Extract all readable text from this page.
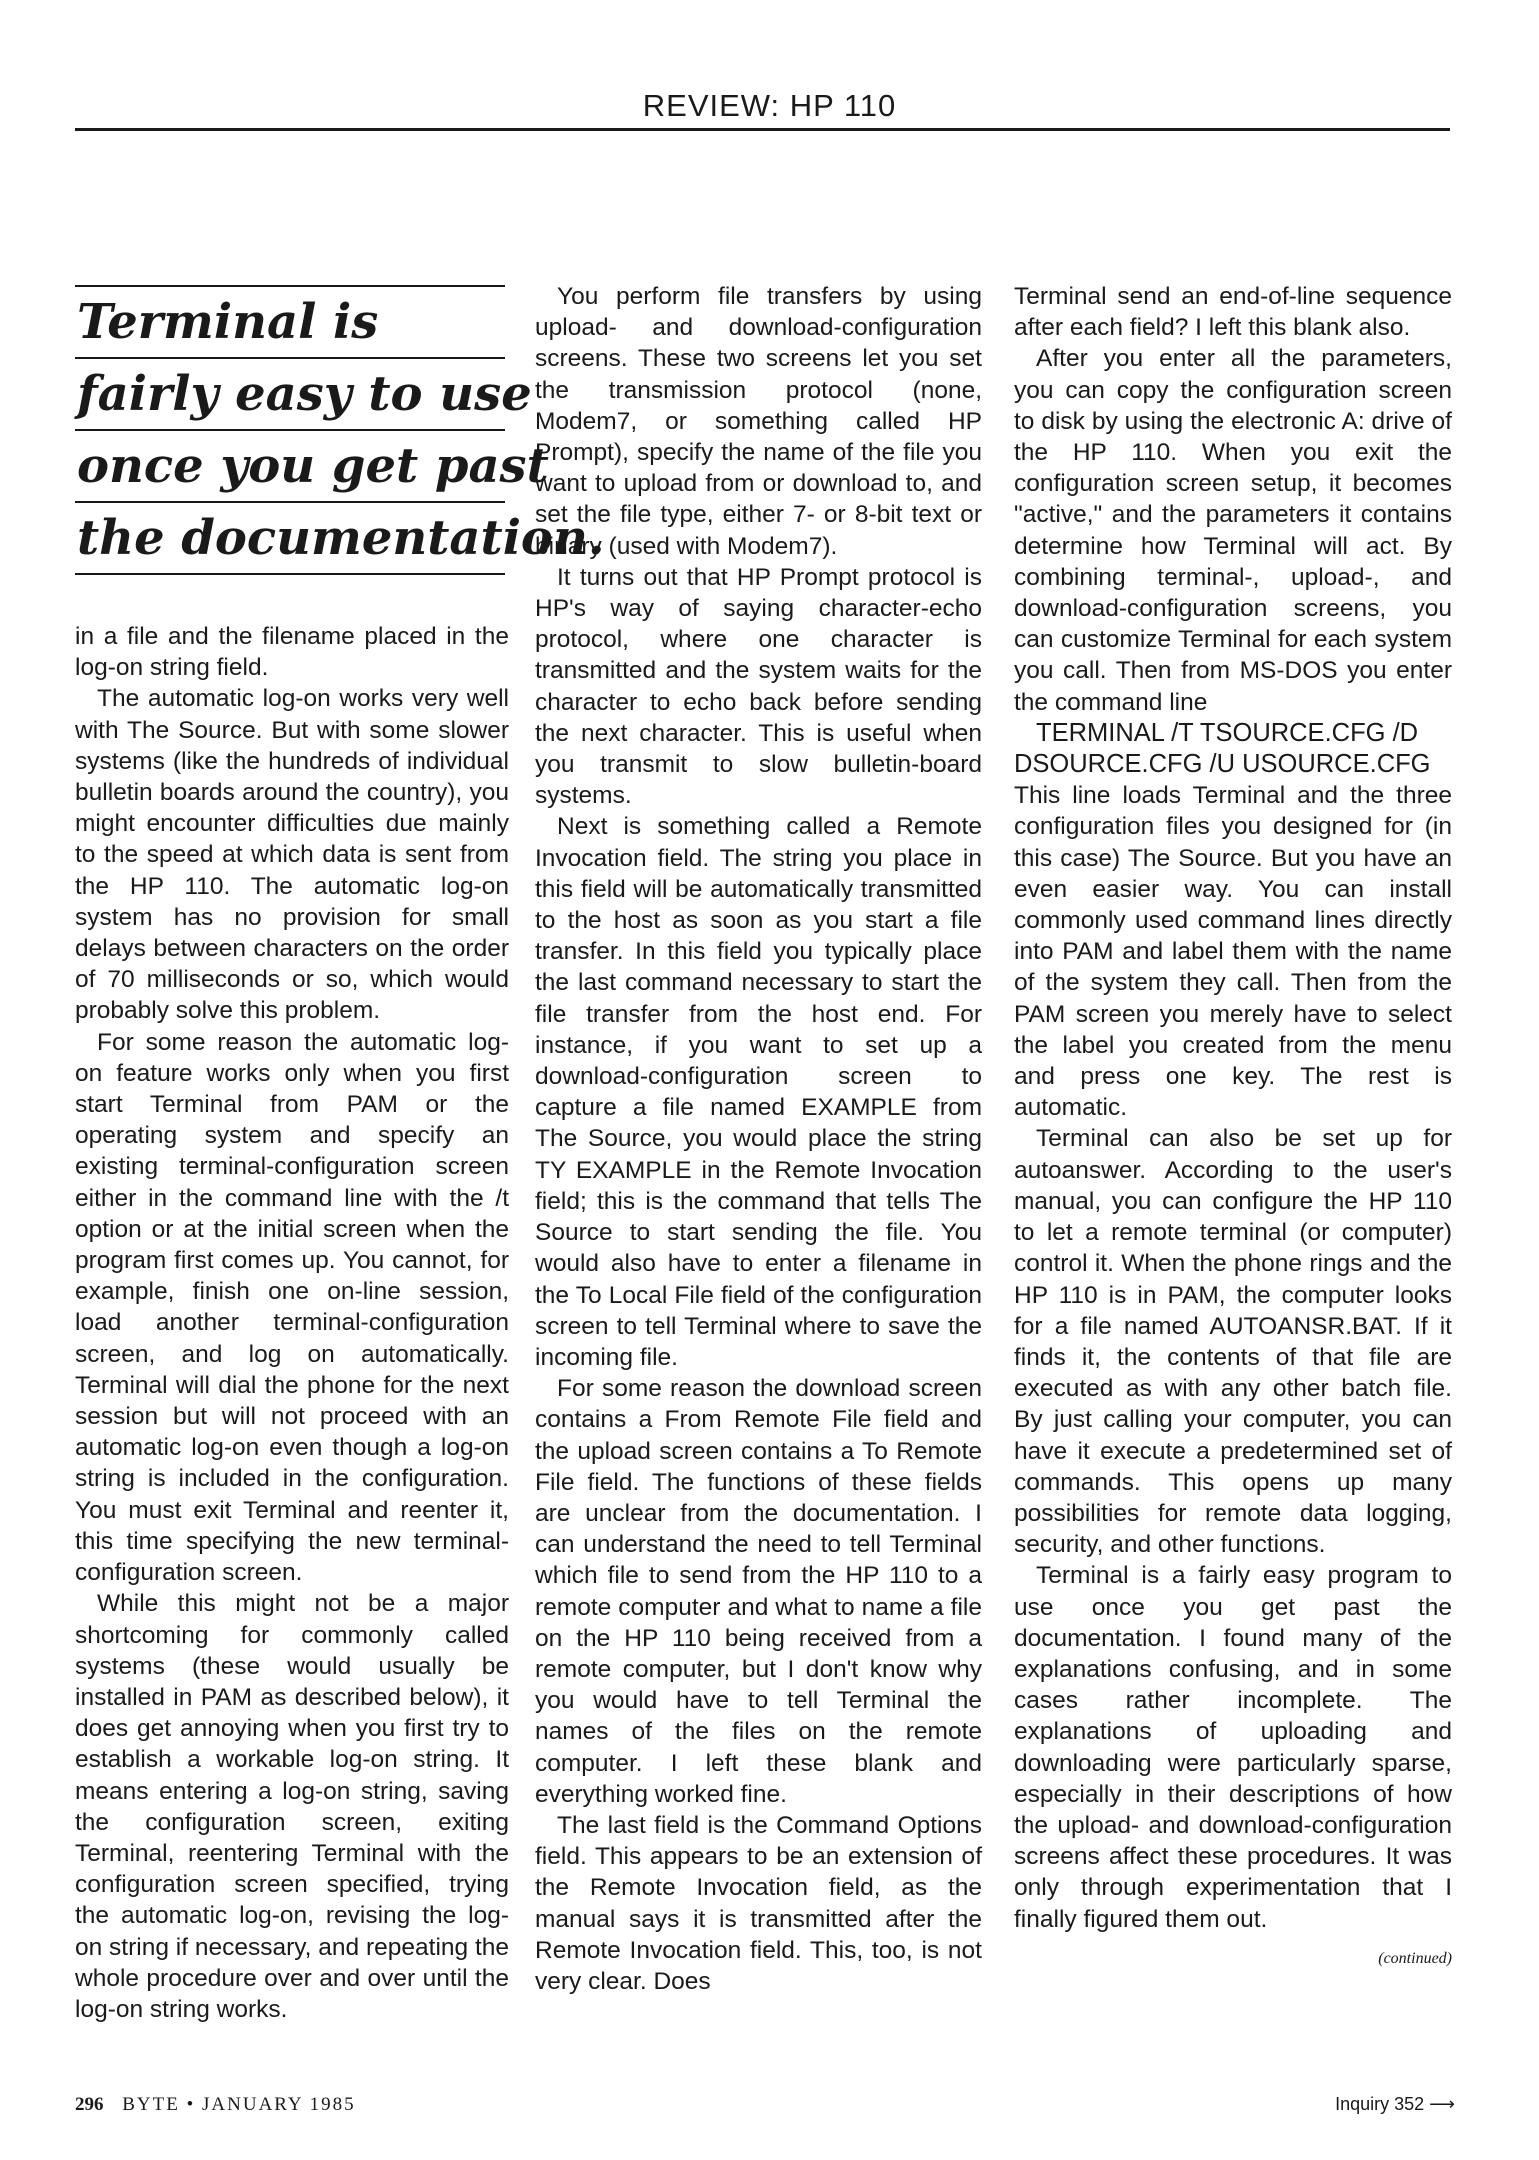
REVIEW: HP 110
Terminal is
fairly easy to use
once you get past
the documentation.

in a file and the filename placed in the log-on string field.

The automatic log-on works very well with The Source. But with some slower systems (like the hundreds of individual bulletin boards around the country), you might encounter difficulties due mainly to the speed at which data is sent from the HP 110. The automatic log-on system has no provision for small delays between characters on the order of 70 milliseconds or so, which would probably solve this problem.

For some reason the automatic log-on feature works only when you first start Terminal from PAM or the operating system and specify an existing terminal-configuration screen either in the command line with the /t option or at the initial screen when the program first comes up. You cannot, for example, finish one on-line session, load another terminal-configuration screen, and log on automatically. Terminal will dial the phone for the next session but will not proceed with an automatic log-on even though a log-on string is included in the configuration. You must exit Terminal and reenter it, this time specifying the new terminal-configuration screen.

While this might not be a major shortcoming for commonly called systems (these would usually be installed in PAM as described below), it does get annoying when you first try to establish a workable log-on string. It means entering a log-on string, saving the configuration screen, exiting Terminal, reentering Terminal with the configuration screen specified, trying the automatic log-on, revising the log-on string if necessary, and repeating the whole procedure over and over until the log-on string works.

You perform file transfers by using upload- and download-configuration screens. These two screens let you set the transmission protocol (none, Modem7, or something called HP Prompt), specify the name of the file you want to upload from or download to, and set the file type, either 7- or 8-bit text or binary (used with Modem7).

It turns out that HP Prompt protocol is HP's way of saying character-echo protocol, where one character is transmitted and the system waits for the character to echo back before sending the next character. This is useful when you transmit to slow bulletin-board systems.

Next is something called a Remote Invocation field. The string you place in this field will be automatically transmitted to the host as soon as you start a file transfer. In this field you typically place the last command necessary to start the file transfer from the host end. For instance, if you want to set up a download-configuration screen to capture a file named EXAMPLE from The Source, you would place the string TY EXAMPLE in the Remote Invocation field; this is the command that tells The Source to start sending the file. You would also have to enter a filename in the To Local File field of the configuration screen to tell Terminal where to save the incoming file.

For some reason the download screen contains a From Remote File field and the upload screen contains a To Remote File field. The functions of these fields are unclear from the documentation. I can understand the need to tell Terminal which file to send from the HP 110 to a remote computer and what to name a file on the HP 110 being received from a remote computer, but I don't know why you would have to tell Terminal the names of the files on the remote computer. I left these blank and everything worked fine.

The last field is the Command Options field. This appears to be an extension of the Remote Invocation field, as the manual says it is transmitted after the Remote Invocation field. This, too, is not very clear. Does

Terminal send an end-of-line sequence after each field? I left this blank also.

After you enter all the parameters, you can copy the configuration screen to disk by using the electronic A: drive of the HP 110. When you exit the configuration screen setup, it becomes "active," and the parameters it contains determine how Terminal will act. By combining terminal-, upload-, and download-configuration screens, you can customize Terminal for each system you call. Then from MS-DOS you enter the command line

TERMINAL /T TSOURCE.CFG /D DSOURCE.CFG /U USOURCE.CFG

This line loads Terminal and the three configuration files you designed for (in this case) The Source. But you have an even easier way. You can install commonly used command lines directly into PAM and label them with the name of the system they call. Then from the PAM screen you merely have to select the label you created from the menu and press one key. The rest is automatic.

Terminal can also be set up for autoanswer. According to the user's manual, you can configure the HP 110 to let a remote terminal (or computer) control it. When the phone rings and the HP 110 is in PAM, the computer looks for a file named AUTOANSR.BAT. If it finds it, the contents of that file are executed as with any other batch file. By just calling your computer, you can have it execute a predetermined set of commands. This opens up many possibilities for remote data logging, security, and other functions.

Terminal is a fairly easy program to use once you get past the documentation. I found many of the explanations confusing, and in some cases rather incomplete. The explanations of uploading and downloading were particularly sparse, especially in their descriptions of how the upload- and download-configuration screens affect these procedures. It was only through experimentation that I finally figured them out.

(continued)
296 BYTE • JANUARY 1985	Inquiry 352 ⟶
